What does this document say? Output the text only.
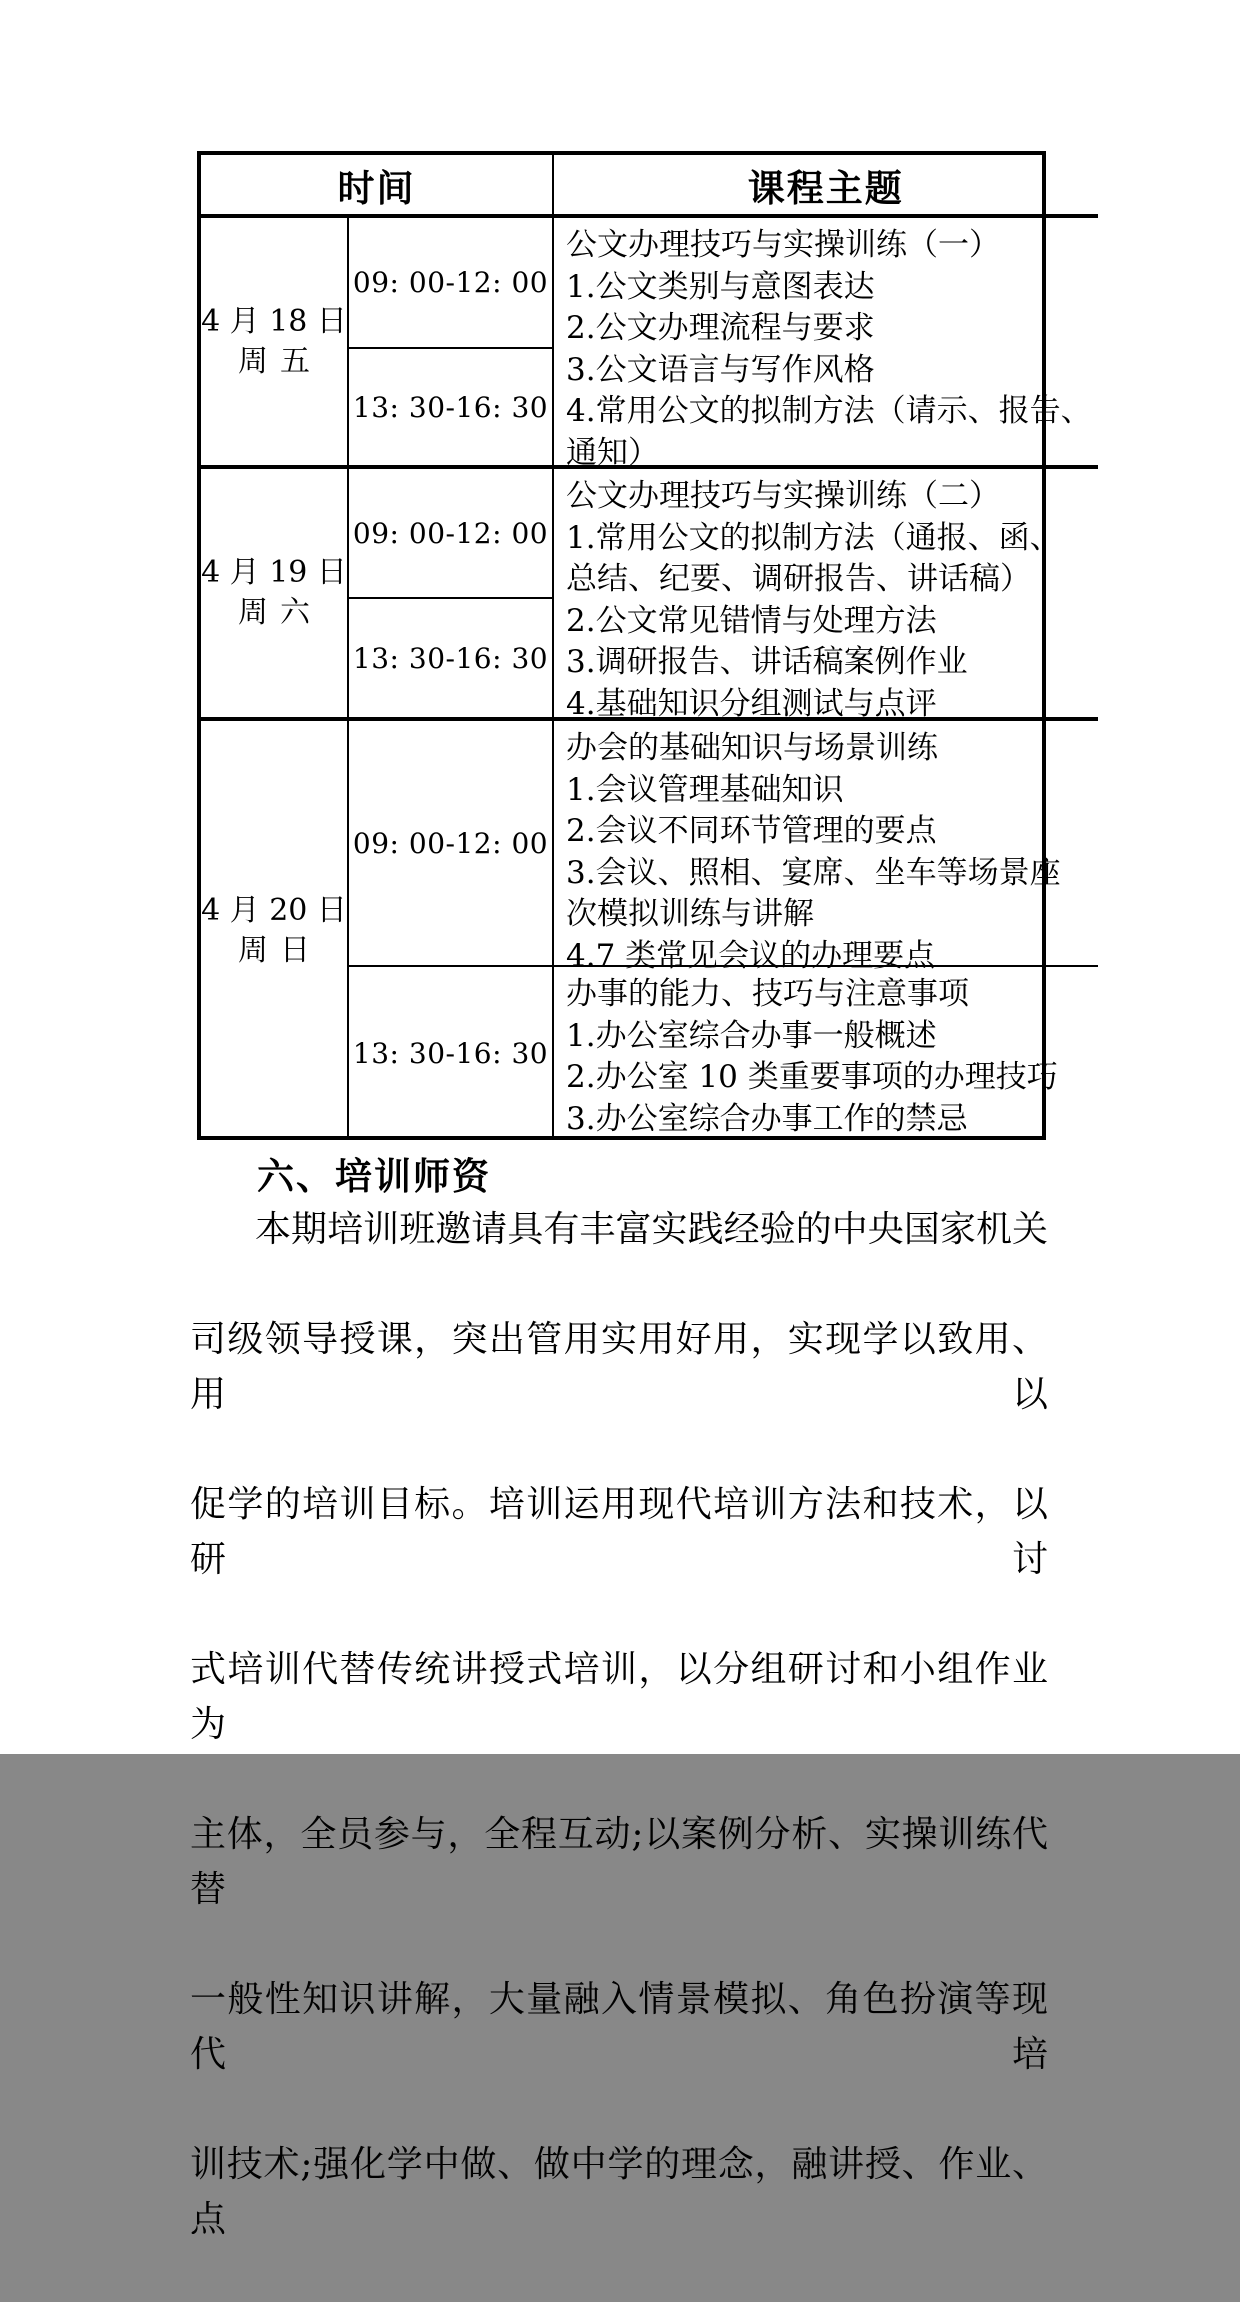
时间	课程主题
4 月 18 日
周五
09: 00-12: 00
13: 30-16: 30
公文办理技巧与实操训练（一）
1.公文类别与意图表达
2.公文办理流程与要求
3.公文语言与写作风格
4.常用公文的拟制方法（请示、报告、
通知）
4 月 19 日
周六
09: 00-12: 00
13: 30-16: 30
公文办理技巧与实操训练（二）
1.常用公文的拟制方法（通报、函、
总结、纪要、调研报告、讲话稿）
2.公文常见错情与处理方法
3.调研报告、讲话稿案例作业
4.基础知识分组测试与点评
4 月 20 日
周日
09: 00-12: 00
13: 30-16: 30
办会的基础知识与场景训练
1.会议管理基础知识
2.会议不同环节管理的要点
3.会议、照相、宴席、坐车等场景座
次模拟训练与讲解
4.7 类常见会议的办理要点
办事的能力、技巧与注意事项
1.办公室综合办事一般概述
2.办公室 10 类重要事项的办理技巧
3.办公室综合办事工作的禁忌
六、培训师资
本期培训班邀请具有丰富实践经验的中央国家机关
司级领导授课，突出管用实用好用，实现学以致用、用以
促学的培训目标。培训运用现代培训方法和技术，以研讨
式培训代替传统讲授式培训，以分组研讨和小组作业为
主体，全员参与，全程互动;以案例分析、实操训练代替
一般性知识讲解，大量融入情景模拟、角色扮演等现代培
训技术;强化学中做、做中学的理念，融讲授、作业、点
